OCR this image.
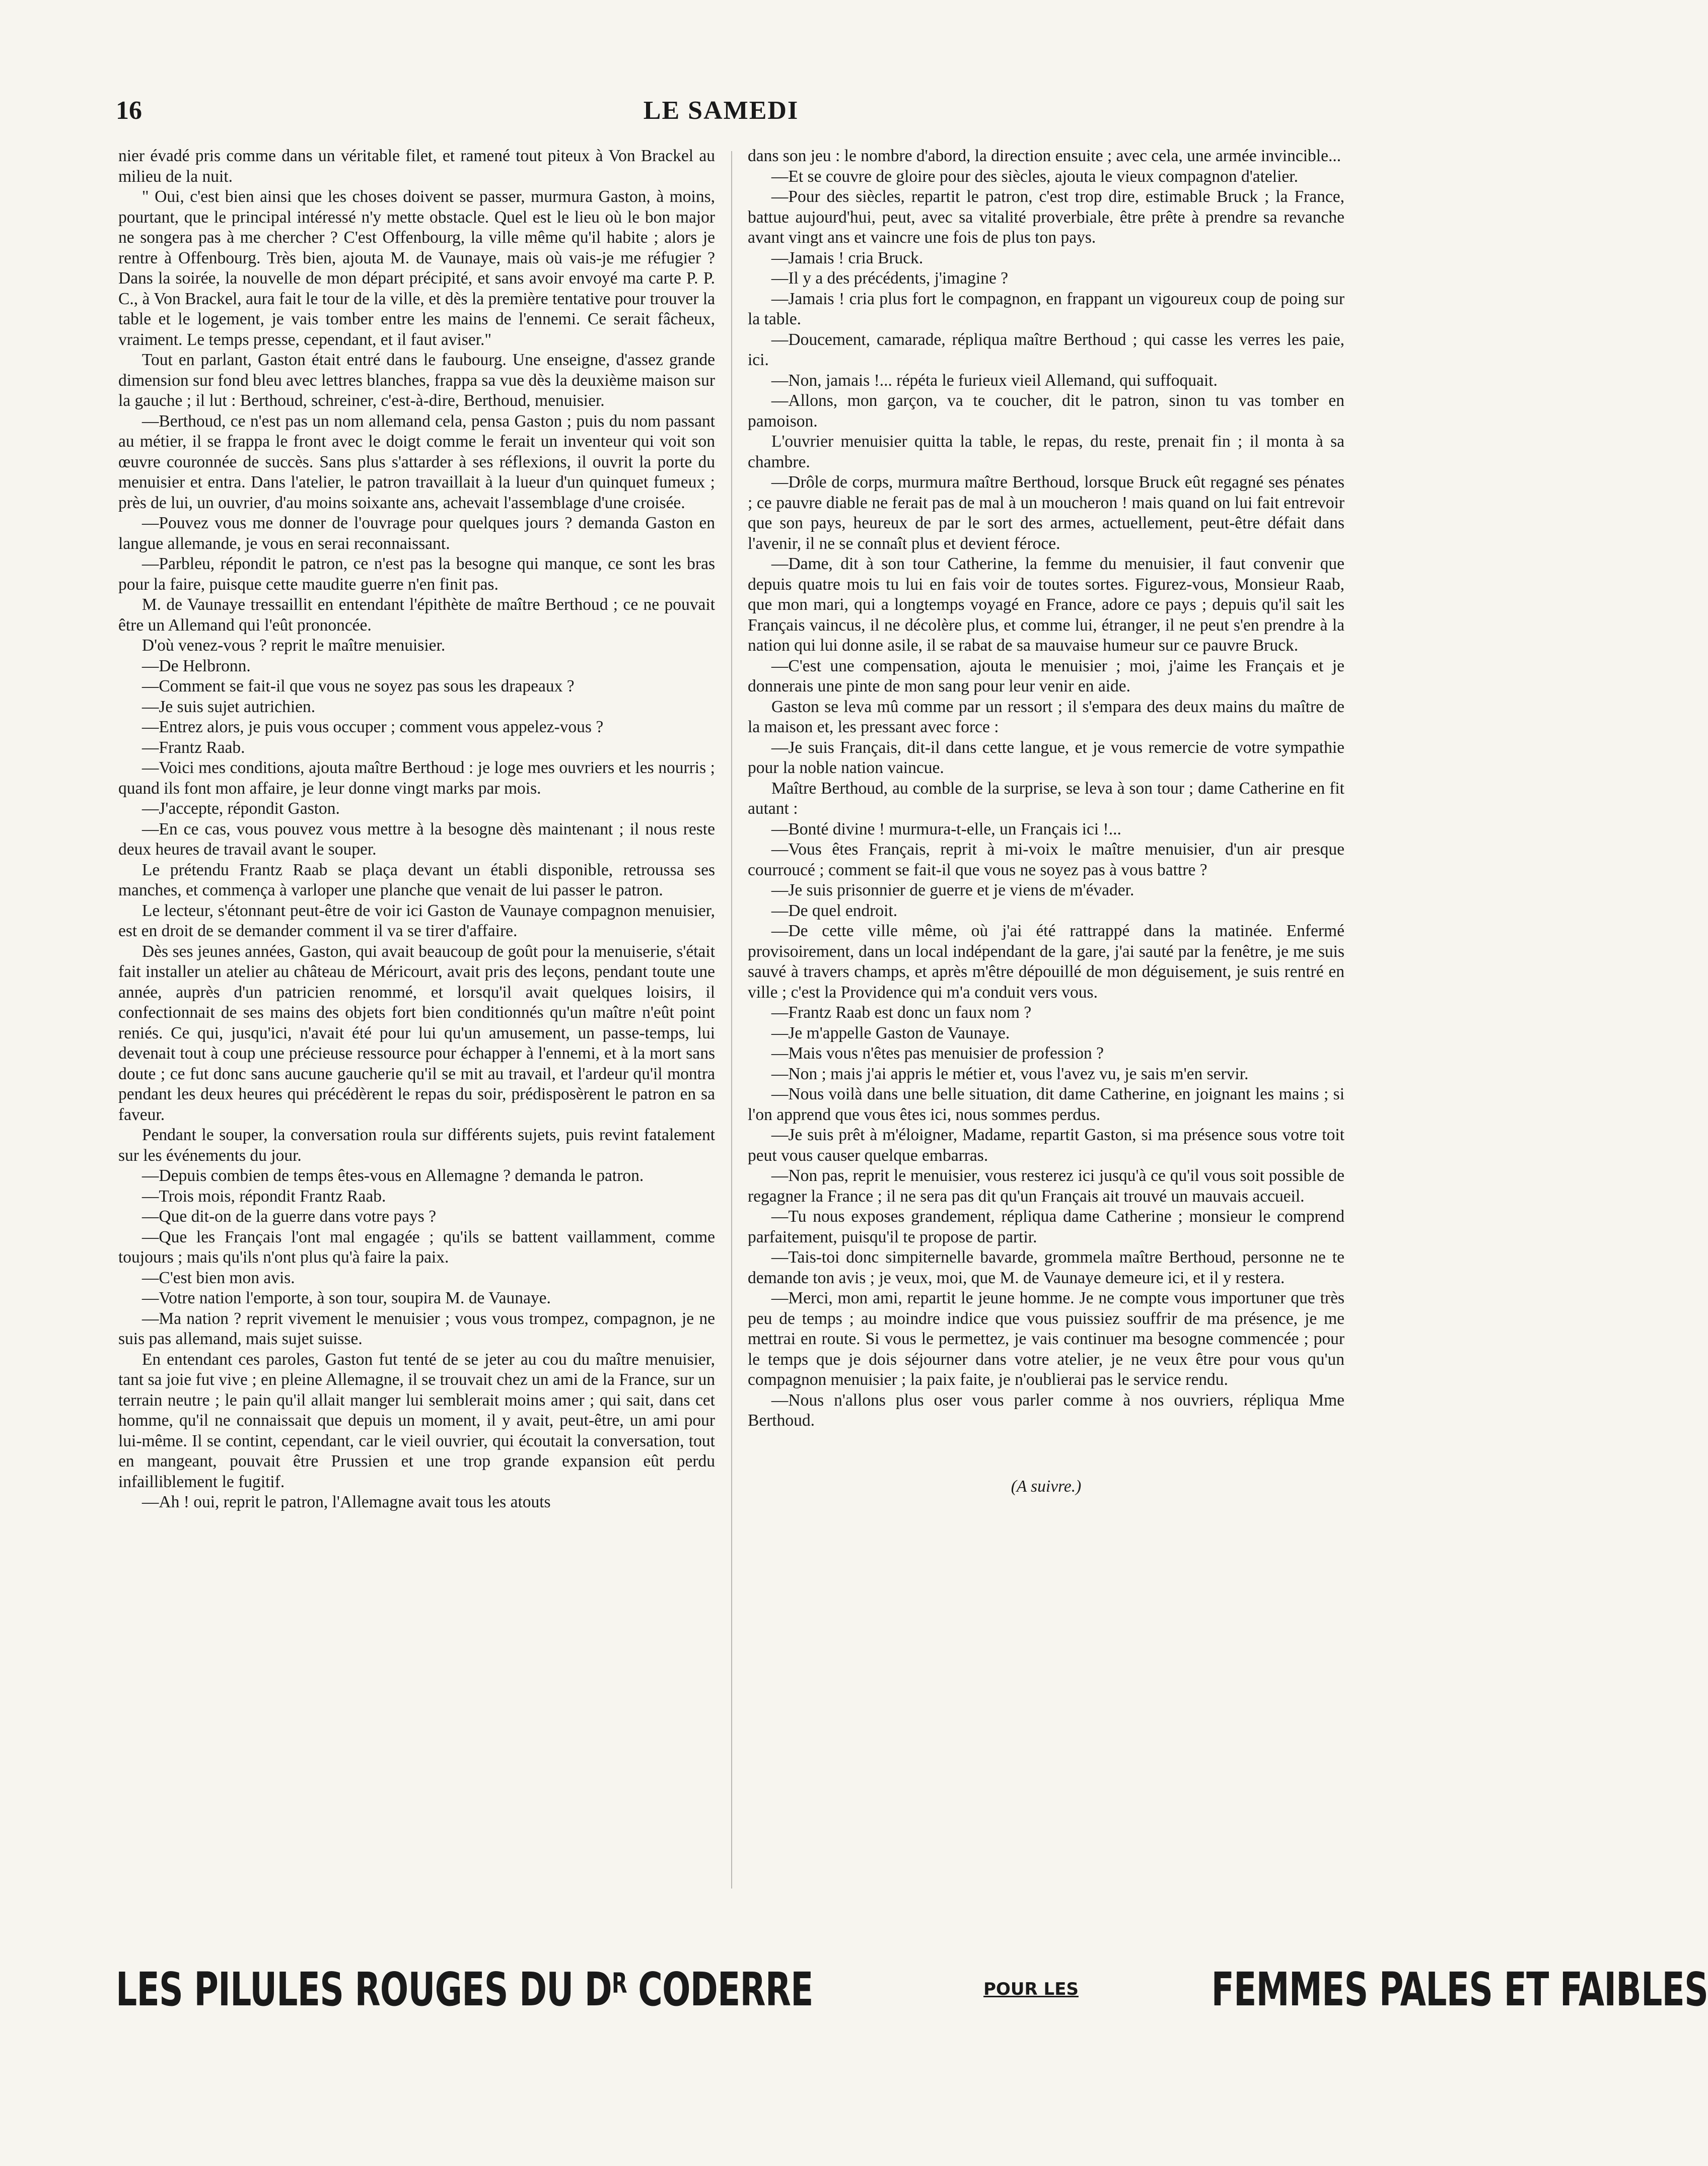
16	LE SAMEDI

nier évadé pris comme dans un véritable filet, et ramené tout piteux à Von Brackel au milieu de la nuit.

" Oui, c'est bien ainsi que les choses doivent se passer, murmura Gaston, à moins, pourtant, que le principal intéressé n'y mette obstacle. Quel est le lieu où le bon major ne songera pas à me chercher ? C'est Offenbourg, la ville même qu'il habite ; alors je rentre à Offenbourg. Très bien, ajouta M. de Vaunaye, mais où vais-je me réfugier ? Dans la soirée, la nouvelle de mon départ précipité, et sans avoir envoyé ma carte P. P. C., à Von Brackel, aura fait le tour de la ville, et dès la première tentative pour trouver la table et le logement, je vais tomber entre les mains de l'ennemi. Ce serait fâcheux, vraiment. Le temps presse, cependant, et il faut aviser."

Tout en parlant, Gaston était entré dans le faubourg. Une enseigne, d'assez grande dimension sur fond bleu avec lettres blanches, frappa sa vue dès la deuxième maison sur la gauche ; il lut : Berthoud, schreiner, c'est-à-dire, Berthoud, menuisier.

—Berthoud, ce n'est pas un nom allemand cela, pensa Gaston ; puis du nom passant au métier, il se frappa le front avec le doigt comme le ferait un inventeur qui voit son œuvre couronnée de succès. Sans plus s'attarder à ses réflexions, il ouvrit la porte du menuisier et entra. Dans l'atelier, le patron travaillait à la lueur d'un quinquet fumeux ; près de lui, un ouvrier, d'au moins soixante ans, achevait l'assemblage d'une croisée.

—Pouvez vous me donner de l'ouvrage pour quelques jours ? demanda Gaston en langue allemande, je vous en serai reconnaissant.

—Parbleu, répondit le patron, ce n'est pas la besogne qui manque, ce sont les bras pour la faire, puisque cette maudite guerre n'en finit pas.

M. de Vaunaye tressaillit en entendant l'épithète de maître Berthoud ; ce ne pouvait être un Allemand qui l'eût prononcée.

D'où venez-vous ? reprit le maître menuisier.

—De Helbronn.

—Comment se fait-il que vous ne soyez pas sous les drapeaux ?

—Je suis sujet autrichien.

—Entrez alors, je puis vous occuper ; comment vous appelez-vous ?

—Frantz Raab.

—Voici mes conditions, ajouta maître Berthoud : je loge mes ouvriers et les nourris ; quand ils font mon affaire, je leur donne vingt marks par mois.

—J'accepte, répondit Gaston.

—En ce cas, vous pouvez vous mettre à la besogne dès maintenant ; il nous reste deux heures de travail avant le souper.

Le prétendu Frantz Raab se plaça devant un établi disponible, retroussa ses manches, et commença à varloper une planche que venait de lui passer le patron.

Le lecteur, s'étonnant peut-être de voir ici Gaston de Vaunaye compagnon menuisier, est en droit de se demander comment il va se tirer d'affaire.

Dès ses jeunes années, Gaston, qui avait beaucoup de goût pour la menuiserie, s'était fait installer un atelier au château de Méricourt, avait pris des leçons, pendant toute une année, auprès d'un patricien renommé, et lorsqu'il avait quelques loisirs, il confectionnait de ses mains des objets fort bien conditionnés qu'un maître n'eût point reniés. Ce qui, jusqu'ici, n'avait été pour lui qu'un amusement, un passe-temps, lui devenait tout à coup une précieuse ressource pour échapper à l'ennemi, et à la mort sans doute ; ce fut donc sans aucune gaucherie qu'il se mit au travail, et l'ardeur qu'il montra pendant les deux heures qui précédèrent le repas du soir, prédisposèrent le patron en sa faveur.

Pendant le souper, la conversation roula sur différents sujets, puis revint fatalement sur les événements du jour.

—Depuis combien de temps êtes-vous en Allemagne ? demanda le patron.

—Trois mois, répondit Frantz Raab.

—Que dit-on de la guerre dans votre pays ?

—Que les Français l'ont mal engagée ; qu'ils se battent vaillamment, comme toujours ; mais qu'ils n'ont plus qu'à faire la paix.

—C'est bien mon avis.

—Votre nation l'emporte, à son tour, soupira M. de Vaunaye.

—Ma nation ? reprit vivement le menuisier ; vous vous trompez, compagnon, je ne suis pas allemand, mais sujet suisse.

En entendant ces paroles, Gaston fut tenté de se jeter au cou du maître menuisier, tant sa joie fut vive ; en pleine Allemagne, il se trouvait chez un ami de la France, sur un terrain neutre ; le pain qu'il allait manger lui semblerait moins amer ; qui sait, dans cet homme, qu'il ne connaissait que depuis un moment, il y avait, peut-être, un ami pour lui-même. Il se contint, cependant, car le vieil ouvrier, qui écoutait la conversation, tout en mangeant, pouvait être Prussien et une trop grande expansion eût perdu infailliblement le fugitif.

—Ah ! oui, reprit le patron, l'Allemagne avait tous les atouts

dans son jeu : le nombre d'abord, la direction ensuite ; avec cela, une armée invincible...

—Et se couvre de gloire pour des siècles, ajouta le vieux compagnon d'atelier.

—Pour des siècles, repartit le patron, c'est trop dire, estimable Bruck ; la France, battue aujourd'hui, peut, avec sa vitalité proverbiale, être prête à prendre sa revanche avant vingt ans et vaincre une fois de plus ton pays.

—Jamais ! cria Bruck.

—Il y a des précédents, j'imagine ?

—Jamais ! cria plus fort le compagnon, en frappant un vigoureux coup de poing sur la table.

—Doucement, camarade, répliqua maître Berthoud ; qui casse les verres les paie, ici.

—Non, jamais !... répéta le furieux vieil Allemand, qui suffoquait.

—Allons, mon garçon, va te coucher, dit le patron, sinon tu vas tomber en pamoison.

L'ouvrier menuisier quitta la table, le repas, du reste, prenait fin ; il monta à sa chambre.

—Drôle de corps, murmura maître Berthoud, lorsque Bruck eût regagné ses pénates ; ce pauvre diable ne ferait pas de mal à un moucheron ! mais quand on lui fait entrevoir que son pays, heureux de par le sort des armes, actuellement, peut-être défait dans l'avenir, il ne se connaît plus et devient féroce.

—Dame, dit à son tour Catherine, la femme du menuisier, il faut convenir que depuis quatre mois tu lui en fais voir de toutes sortes. Figurez-vous, Monsieur Raab, que mon mari, qui a longtemps voyagé en France, adore ce pays ; depuis qu'il sait les Français vaincus, il ne décolère plus, et comme lui, étranger, il ne peut s'en prendre à la nation qui lui donne asile, il se rabat de sa mauvaise humeur sur ce pauvre Bruck.

—C'est une compensation, ajouta le menuisier ; moi, j'aime les Français et je donnerais une pinte de mon sang pour leur venir en aide.

Gaston se leva mû comme par un ressort ; il s'empara des deux mains du maître de la maison et, les pressant avec force :

—Je suis Français, dit-il dans cette langue, et je vous remercie de votre sympathie pour la noble nation vaincue.

Maître Berthoud, au comble de la surprise, se leva à son tour ; dame Catherine en fit autant :

—Bonté divine ! murmura-t-elle, un Français ici !...

—Vous êtes Français, reprit à mi-voix le maître menuisier, d'un air presque courroucé ; comment se fait-il que vous ne soyez pas à vous battre ?

—Je suis prisonnier de guerre et je viens de m'évader.

—De quel endroit.

—De cette ville même, où j'ai été rattrappé dans la matinée. Enfermé provisoirement, dans un local indépendant de la gare, j'ai sauté par la fenêtre, je me suis sauvé à travers champs, et après m'être dépouillé de mon déguisement, je suis rentré en ville ; c'est la Providence qui m'a conduit vers vous.

—Frantz Raab est donc un faux nom ?

—Je m'appelle Gaston de Vaunaye.

—Mais vous n'êtes pas menuisier de profession ?

—Non ; mais j'ai appris le métier et, vous l'avez vu, je sais m'en servir.

—Nous voilà dans une belle situation, dit dame Catherine, en joignant les mains ; si l'on apprend que vous êtes ici, nous sommes perdus.

—Je suis prêt à m'éloigner, Madame, repartit Gaston, si ma présence sous votre toit peut vous causer quelque embarras.

—Non pas, reprit le menuisier, vous resterez ici jusqu'à ce qu'il vous soit possible de regagner la France ; il ne sera pas dit qu'un Français ait trouvé un mauvais accueil.

—Tu nous exposes grandement, répliqua dame Catherine ; monsieur le comprend parfaitement, puisqu'il te propose de partir.

—Tais-toi donc simpiternelle bavarde, grommela maître Berthoud, personne ne te demande ton avis ; je veux, moi, que M. de Vaunaye demeure ici, et il y restera.

—Merci, mon ami, repartit le jeune homme. Je ne compte vous importuner que très peu de temps ; au moindre indice que vous puissiez souffrir de ma présence, je me mettrai en route. Si vous le permettez, je vais continuer ma besogne commencée ; pour le temps que je dois séjourner dans votre atelier, je ne veux être pour vous qu'un compagnon menuisier ; la paix faite, je n'oublierai pas le service rendu.

—Nous n'allons plus oser vous parler comme à nos ouvriers, répliqua Mme Berthoud.

(A suivre.)

LES PILULES ROUGES DU $D^R$ CODERRE	POUR LES	FEMMES PALES ET FAIBLES
